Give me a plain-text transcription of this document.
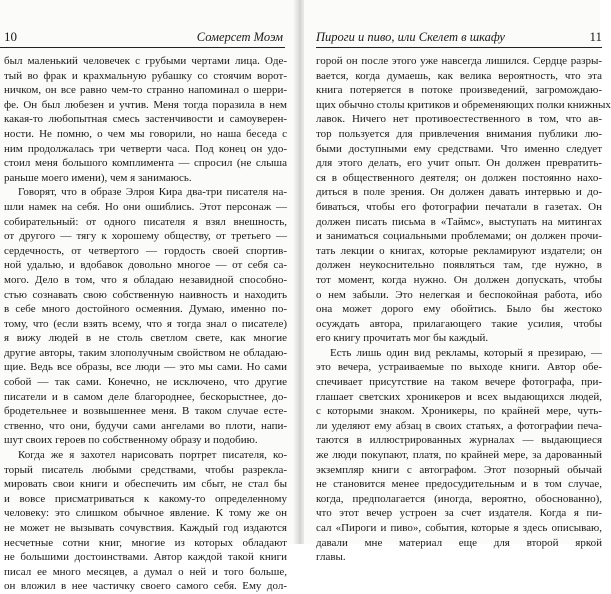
10	Сомерсет Моэм
был маленький человечек с грубыми чертами лица. Оде-
тый во фрак и крахмальную рубашку со стоячим ворот-
ничком, он все равно чем-то странно напоминал о шерри-
фе. Он был любезен и учтив. Меня тогда поразила в нем
какая-то любопытная смесь застенчивости и самоуверен-
ности. Не помню, о чем мы говорили, но наша беседа с
ним продолжалась три четверти часа. Под конец он удо-
стоил меня большого комплимента — спросил (не слыша
раньше моего имени), чем я занимаюсь.
Говорят, что в образе Элроя Кира два-три писателя на-
шли намек на себя. Но они ошиблись. Этот персонаж —
собирательный: от одного писателя я взял внешность,
от другого — тягу к хорошему обществу, от третьего —
сердечность, от четвертого — гордость своей спортив-
ной удалью, и вдобавок довольно многое — от себя са-
мого. Дело в том, что я обладаю незавидной способно-
стью сознавать свою собственную наивность и находить
в себе много достойного осмеяния. Думаю, именно по-
тому, что (если взять всему, что я тогда знал о писателе)
я вижу людей в не столь светлом свете, как многие
другие авторы, таким злополучным свойством не обладаю-
щие. Ведь все образы, все люди — это мы сами. Но сами
собой — так сами. Конечно, не исключено, что другие
писатели и в самом деле благороднее, бескорыстнее, до-
бродетельнее и возвышеннее меня. В таком случае есте-
ственно, что они, будучи сами ангелами во плоти, напи-
шут своих героев по собственному образу и подобию.
Когда же я захотел нарисовать портрет писателя, ко-
торый писатель любыми средствами, чтобы разрекла-
мировать свои книги и обеспечить им сбыт, не стал бы
и вовсе присматриваться к какому-то определенному
человеку: это слишком обычное явление. К тому же он
не может не вызывать сочувствия. Каждый год издаются
несчетные сотни книг, многие из которых обладают
не большими достоинствами. Автор каждой такой книги
писал ее много месяцев, а думал о ней и того больше,
он вложил в нее частичку своего самого себя. Ему дол-
Пироги и пиво, или Скелет в шкафу	11
горой он после этого уже навсегда лишился. Сердце разры-
вается, когда думаешь, как велика вероятность, что эта
книга потеряется в потоке произведений, загромождаю-
щих обычно столы критиков и обременяющих полки книжных
лавок. Ничего нет противоестественного в том, что ав-
тор пользуется для привлечения внимания публики лю-
быми доступными ему средствами. Что именно следует
для этого делать, его учит опыт. Он должен превратить-
ся в общественного деятеля; он должен постоянно нахо-
диться в поле зрения. Он должен давать интервью и до-
биваться, чтобы его фотографии печатали в газетах. Он
должен писать письма в «Таймс», выступать на митингах
и заниматься социальными проблемами; он должен прочи-
тать лекции о книгах, которые рекламируют издатели; он
должен неукоснительно появляться там, где нужно, в
тот момент, когда нужно. Он должен допускать, чтобы
о нем забыли. Это нелегкая и беспокойная работа, ибо
она может дорого ему обойтись. Было бы жестоко
осуждать автора, прилагающего такие усилия, чтобы
его книгу прочитать мог бы каждый.
Есть лишь один вид рекламы, который я презираю, —
это вечера, устраиваемые по выходе книги. Автор обе-
спечивает присутствие на таком вечере фотографа, при-
глашает светских хроникеров и всех выдающихся людей,
с которыми знаком. Хроникеры, по крайней мере, чуть-
ли уделяют ему абзац в своих статьях, а фотографии печа-
таются в иллюстрированных журналах — выдающиеся
же люди покупают, платя, по крайней мере, за дарованный
экземпляр книги с автографом. Этот позорный обычай
не становится менее предосудительным и в том случае,
когда, предполагается (иногда, вероятно, обоснованно),
что этот вечер устроен за счет издателя. Когда я пи-
сал «Пироги и пиво», события, которые я здесь описываю,
давали мне материал еще для второй яркой
главы.
